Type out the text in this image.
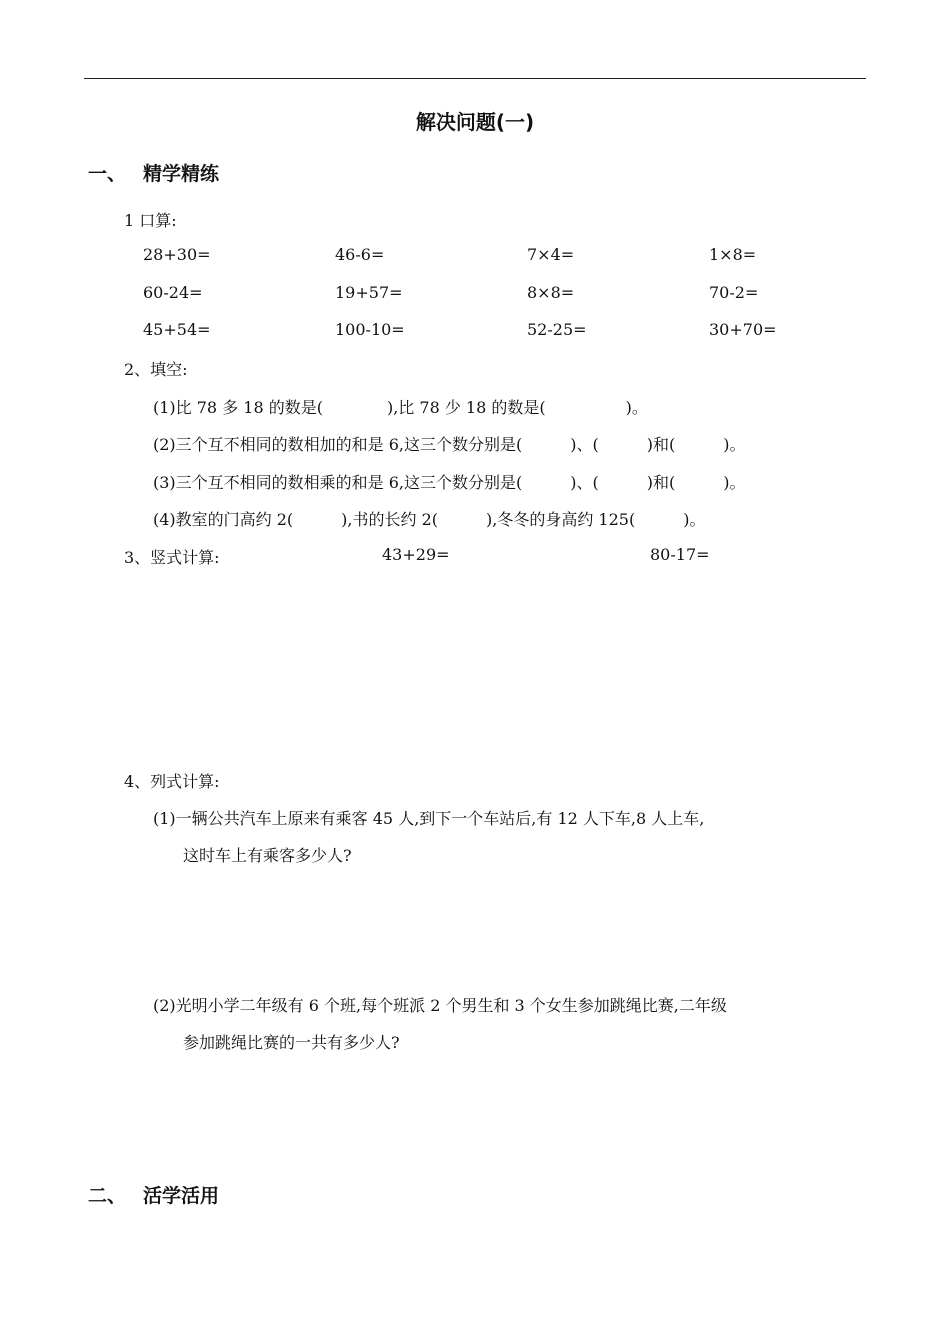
解决问题(一)
一、 精学精练
1 口算:
28+30=	46-6=	7×4=	1×8=
60-24=	19+57=	8×8=	70-2=
45+54=	100-10=	52-25=	30+70=
2、填空:
(1)比 78 多 18 的数是(　　　　),比 78 少 18 的数是(　　　　　)。
(2)三个互不相同的数相加的和是 6,这三个数分别是(　　　)、(　　　)和(　　　)。
(3)三个互不相同的数相乘的和是 6,这三个数分别是(　　　)、(　　　)和(　　　)。
(4)教室的门高约 2(　　　),书的长约 2(　　　),冬冬的身高约 125(　　　)。
3、竖式计算:	43+29=	80-17=
4、列式计算:
(1)一辆公共汽车上原来有乘客 45 人,到下一个车站后,有 12 人下车,8 人上车,
这时车上有乘客多少人?
(2)光明小学二年级有 6 个班,每个班派 2 个男生和 3 个女生参加跳绳比赛,二年级
参加跳绳比赛的一共有多少人?
二、 活学活用
